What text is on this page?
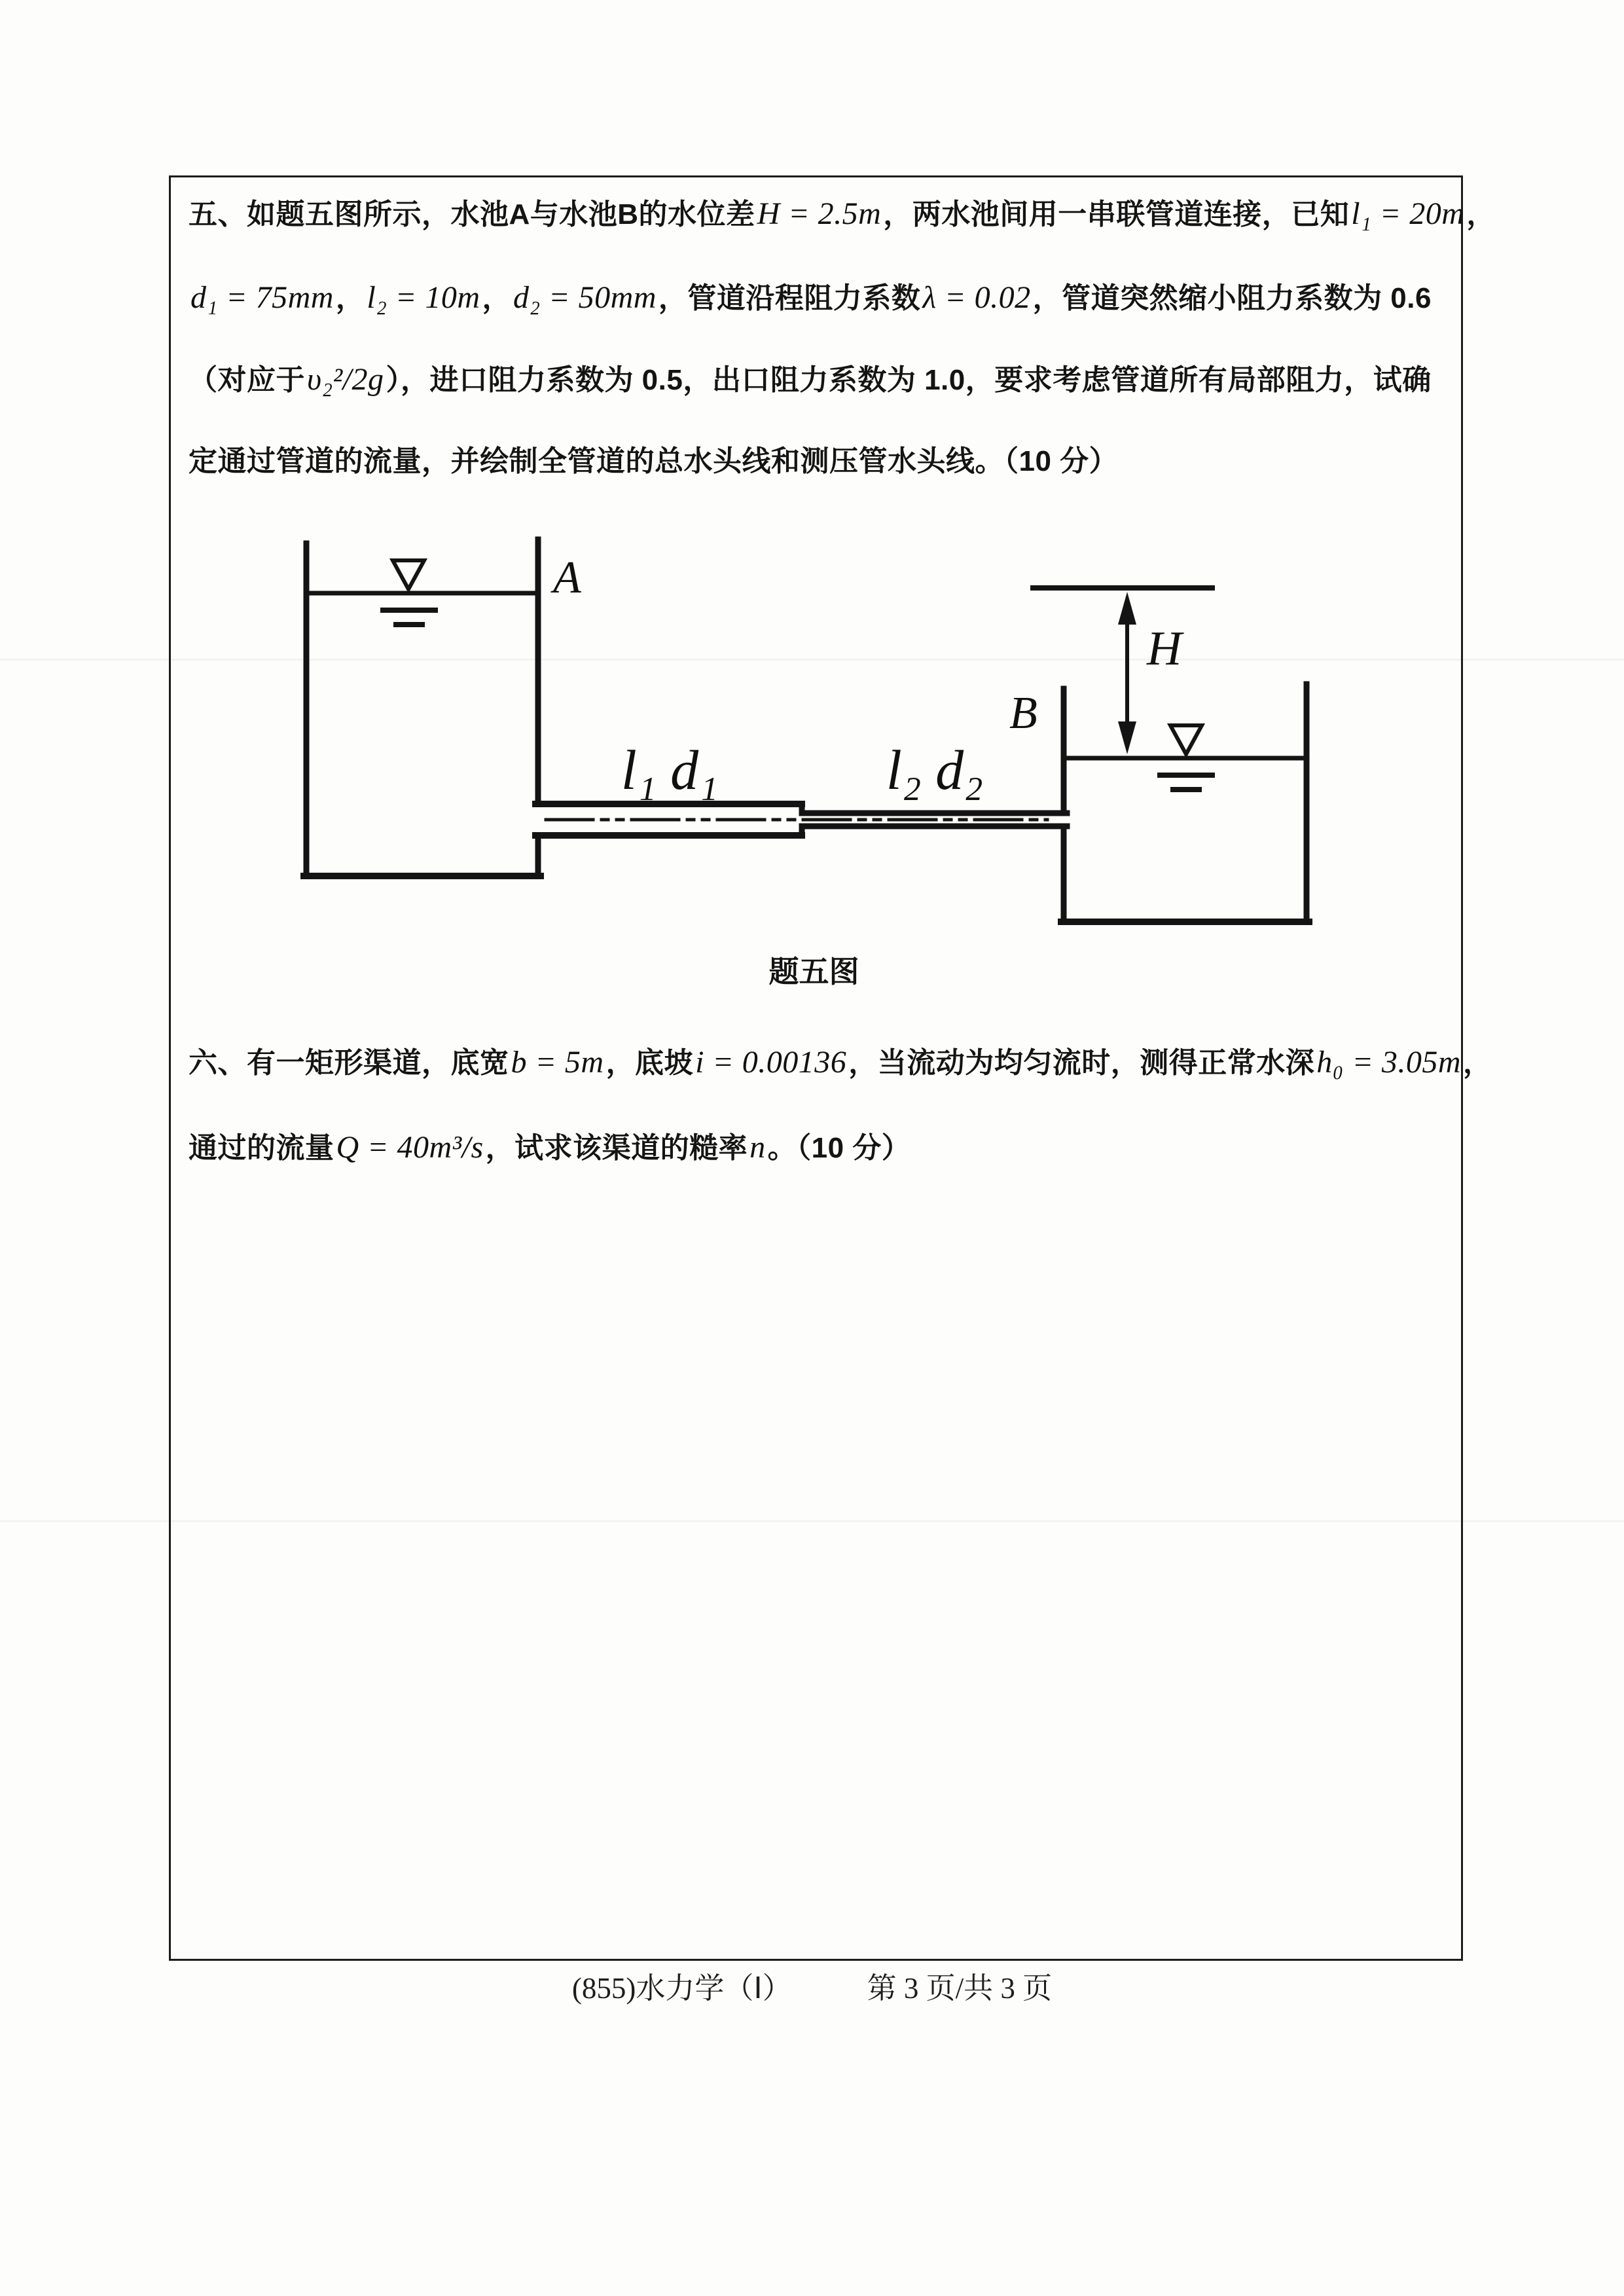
五、如题五图所示，水池A与水池B的水位差H = 2.5m，两水池间用一串联管道连接，已知l₁ = 20m，
d₁ = 75mm，l₂ = 10m，d₂ = 50mm，管道沿程阻力系数λ = 0.02，管道突然缩小阻力系数为 0.6
（对应于υ₂²/2g），进口阻力系数为 0.5，出口阻力系数为 1.0，要求考虑管道所有局部阻力，试确
定通过管道的流量，并绘制全管道的总水头线和测压管水头线。（10 分）
A
B
H
l₁ d₁	l₂ d₂
题五图
六、有一矩形渠道，底宽b = 5m，底坡i = 0.00136，当流动为均匀流时，测得正常水深h₀ = 3.05m，
通过的流量Q = 40m³/s，试求该渠道的糙率n。（10 分）
(855)水力学（Ⅰ）	第 3 页/共 3 页
